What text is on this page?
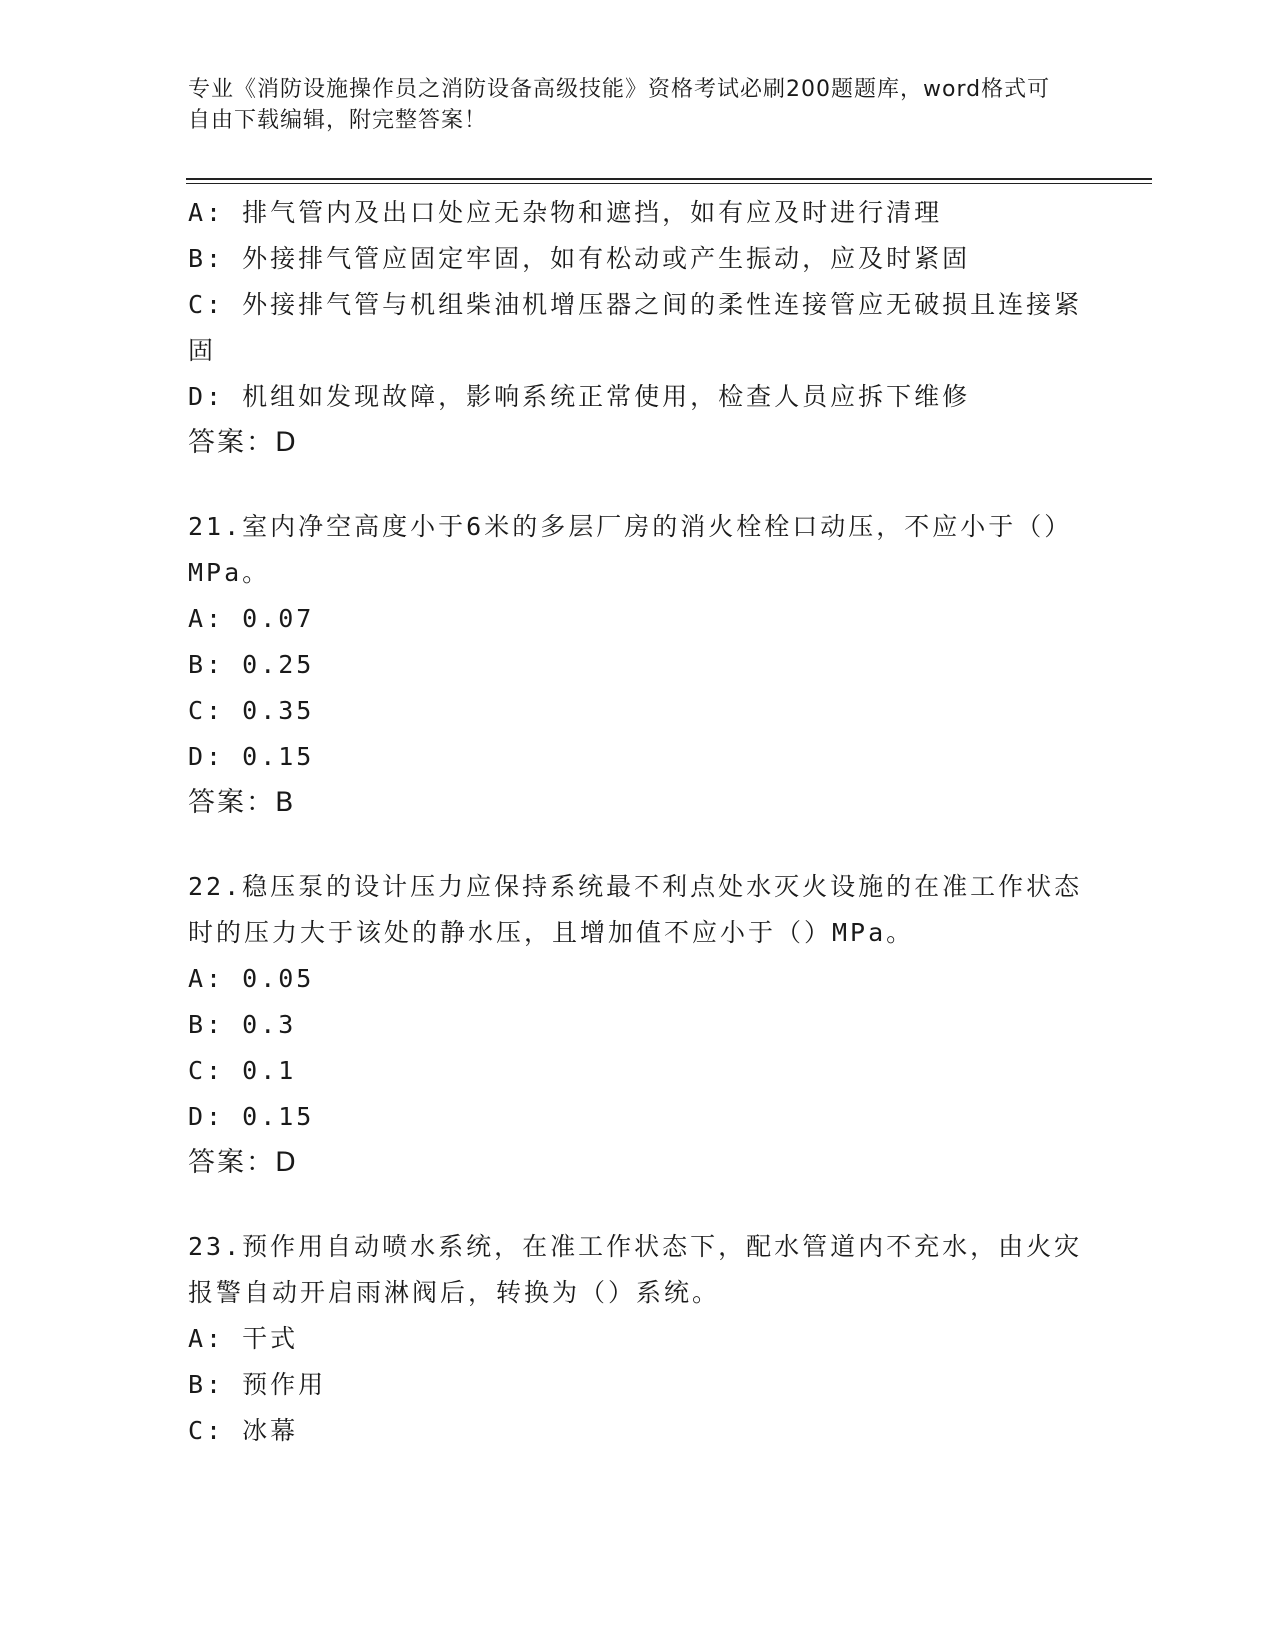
专业《消防设施操作员之消防设备高级技能》资格考试必刷200题题库，word格式可自由下载编辑，附完整答案！
A: 排气管内及出口处应无杂物和遮挡，如有应及时进行清理
B: 外接排气管应固定牢固，如有松动或产生振动，应及时紧固
C: 外接排气管与机组柴油机增压器之间的柔性连接管应无破损且连接紧固
D: 机组如发现故障，影响系统正常使用，检查人员应拆下维修
答案：D
21.室内净空高度小于6米的多层厂房的消火栓栓口动压，不应小于（）MPa。
A: 0.07
B: 0.25
C: 0.35
D: 0.15
答案：B
22.稳压泵的设计压力应保持系统最不利点处水灭火设施的在准工作状态时的压力大于该处的静水压，且增加值不应小于（）MPa。
A: 0.05
B: 0.3
C: 0.1
D: 0.15
答案：D
23.预作用自动喷水系统，在准工作状态下，配水管道内不充水，由火灾报警自动开启雨淋阀后，转换为（）系统。
A: 干式
B: 预作用
C: 冰幕
